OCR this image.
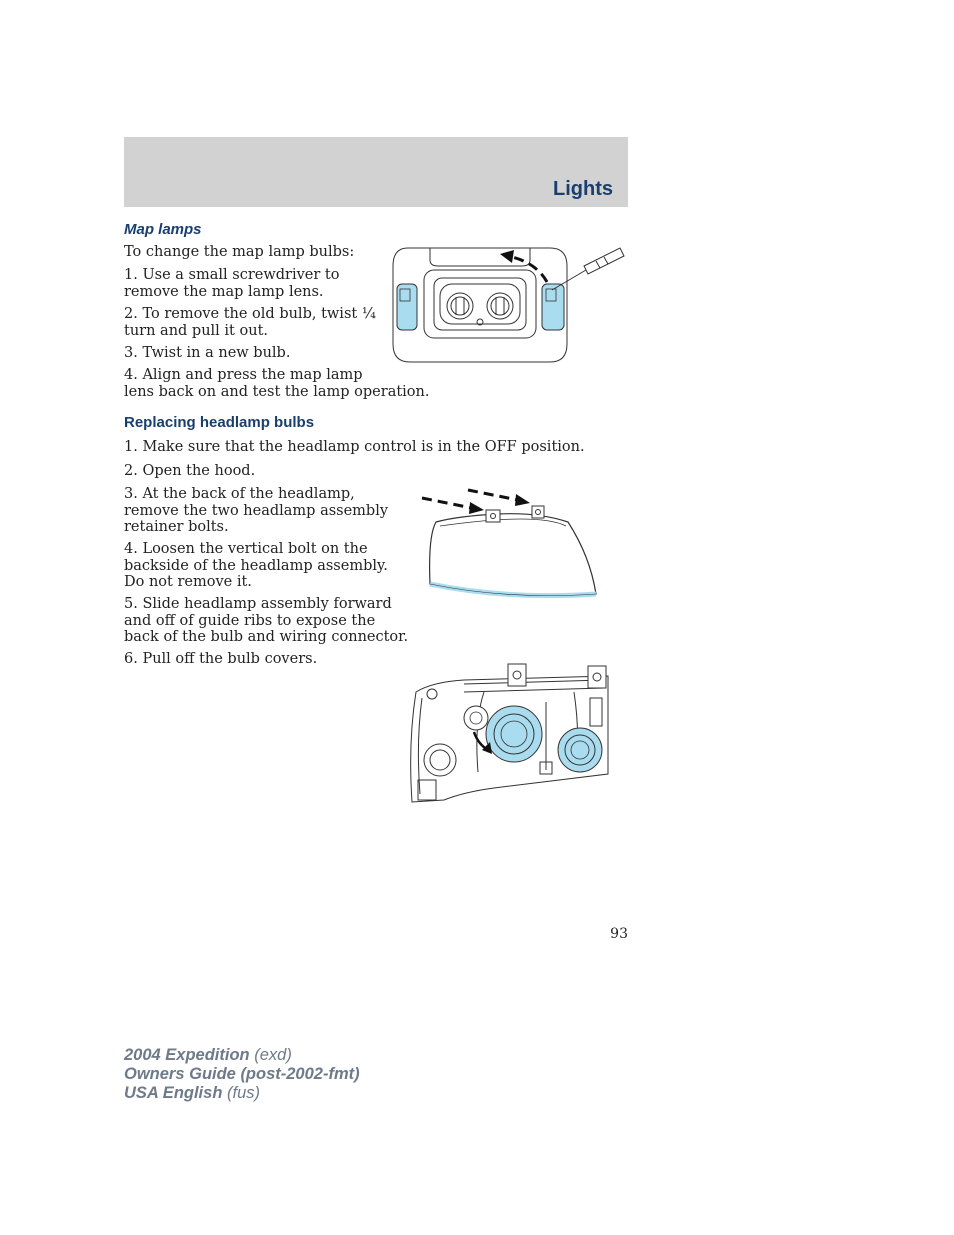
Lights
Map lamps

To change the map lamp bulbs:

1. Use a small screwdriver to
remove the map lamp lens.

2. To remove the old bulb, twist ¼
turn and pull it out.

3. Twist in a new bulb.

4. Align and press the map lamp
lens back on and test the lamp operation.

Replacing headlamp bulbs

1. Make sure that the headlamp control is in the OFF position.

2. Open the hood.

3. At the back of the headlamp,
remove the two headlamp assembly
retainer bolts.

4. Loosen the vertical bolt on the
backside of the headlamp assembly.
Do not remove it.

5. Slide headlamp assembly forward
and off of guide ribs to expose the
back of the bulb and wiring connector.

6. Pull off the bulb covers.

93

2004 Expedition (exd)
Owners Guide (post-2002-fmt)
USA English (fus)
